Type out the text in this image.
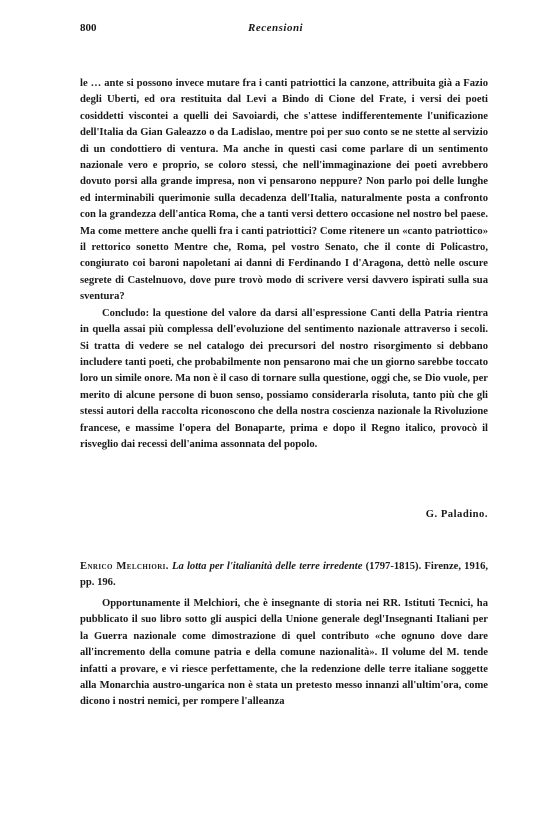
800	Recensioni

le … ante si possono invece mutare fra i canti patriottici la canzone, attribuita già a Fazio degli Uberti, ed ora restituita dal Levi a Bindo di Cione del Frate, i versi dei poeti cosiddetti viscontei a quelli dei Savoiardi, che s'attese indifferentemente l'unificazione dell'Italia da Gian Galeazzo o da Ladislao, mentre poi per suo conto se ne stette al servizio di un condottiero di ventura. Ma anche in questi casi come parlare di un sentimento nazionale vero e proprio, se coloro stessi, che nell'immaginazione dei poeti avrebbero dovuto porsi alla grande impresa, non vi pensarono neppure? Non parlo poi delle lunghe ed interminabili querimonie sulla decadenza dell'Italia, naturalmente posta a confronto con la grandezza dell'antica Roma, che a tanti versi dettero occasione nel nostro bel paese. Ma come mettere anche quelli fra i canti patriottici? Come ritenere un «canto patriottico» il rettorico sonetto Mentre che, Roma, pel vostro Senato, che il conte di Policastro, congiurato coi baroni napoletani ai danni di Ferdinando I d'Aragona, dettò nelle oscure segrete di Castelnuovo, dove pure trovò modo di scrivere versi davvero ispirati sulla sua sventura?

Concludo: la questione del valore da darsi all'espressione Canti della Patria rientra in quella assai più complessa dell'evoluzione del sentimento nazionale attraverso i secoli. Si tratta di vedere se nel catalogo dei precursori del nostro risorgimento si debbano includere tanti poeti, che probabilmente non pensarono mai che un giorno sarebbe toccato loro un simile onore. Ma non è il caso di tornare sulla questione, oggi che, se Dio vuole, per merito di alcune persone di buon senso, possiamo considerarla risoluta, tanto più che gli stessi autori della raccolta riconoscono che della nostra coscienza nazionale la Rivoluzione francese, e massime l'opera del Bonaparte, prima e dopo il Regno italico, provocò il risveglio dai recessi dell'anima assonnata del popolo.

G. Paladino.
Enrico Melchiori. La lotta per l'italianità delle terre irredente (1797-1815). Firenze, 1916, pp. 196.

Opportunamente il Melchiori, che è insegnante di storia nei RR. Istituti Tecnici, ha pubblicato il suo libro sotto gli auspici della Unione generale degl'Insegnanti Italiani per la Guerra nazionale come dimostrazione di quel contributo «che ognuno dove dare all'incremento della comune patria e della comune nazionalità». Il volume del M. tende infatti a provare, e vi riesce perfettamente, che la redenzione delle terre italiane soggette alla Monarchia austro-ungarica non è stata un pretesto messo innanzi all'ultim'ora, come dicono i nostri nemici, per rompere l'alleanza
